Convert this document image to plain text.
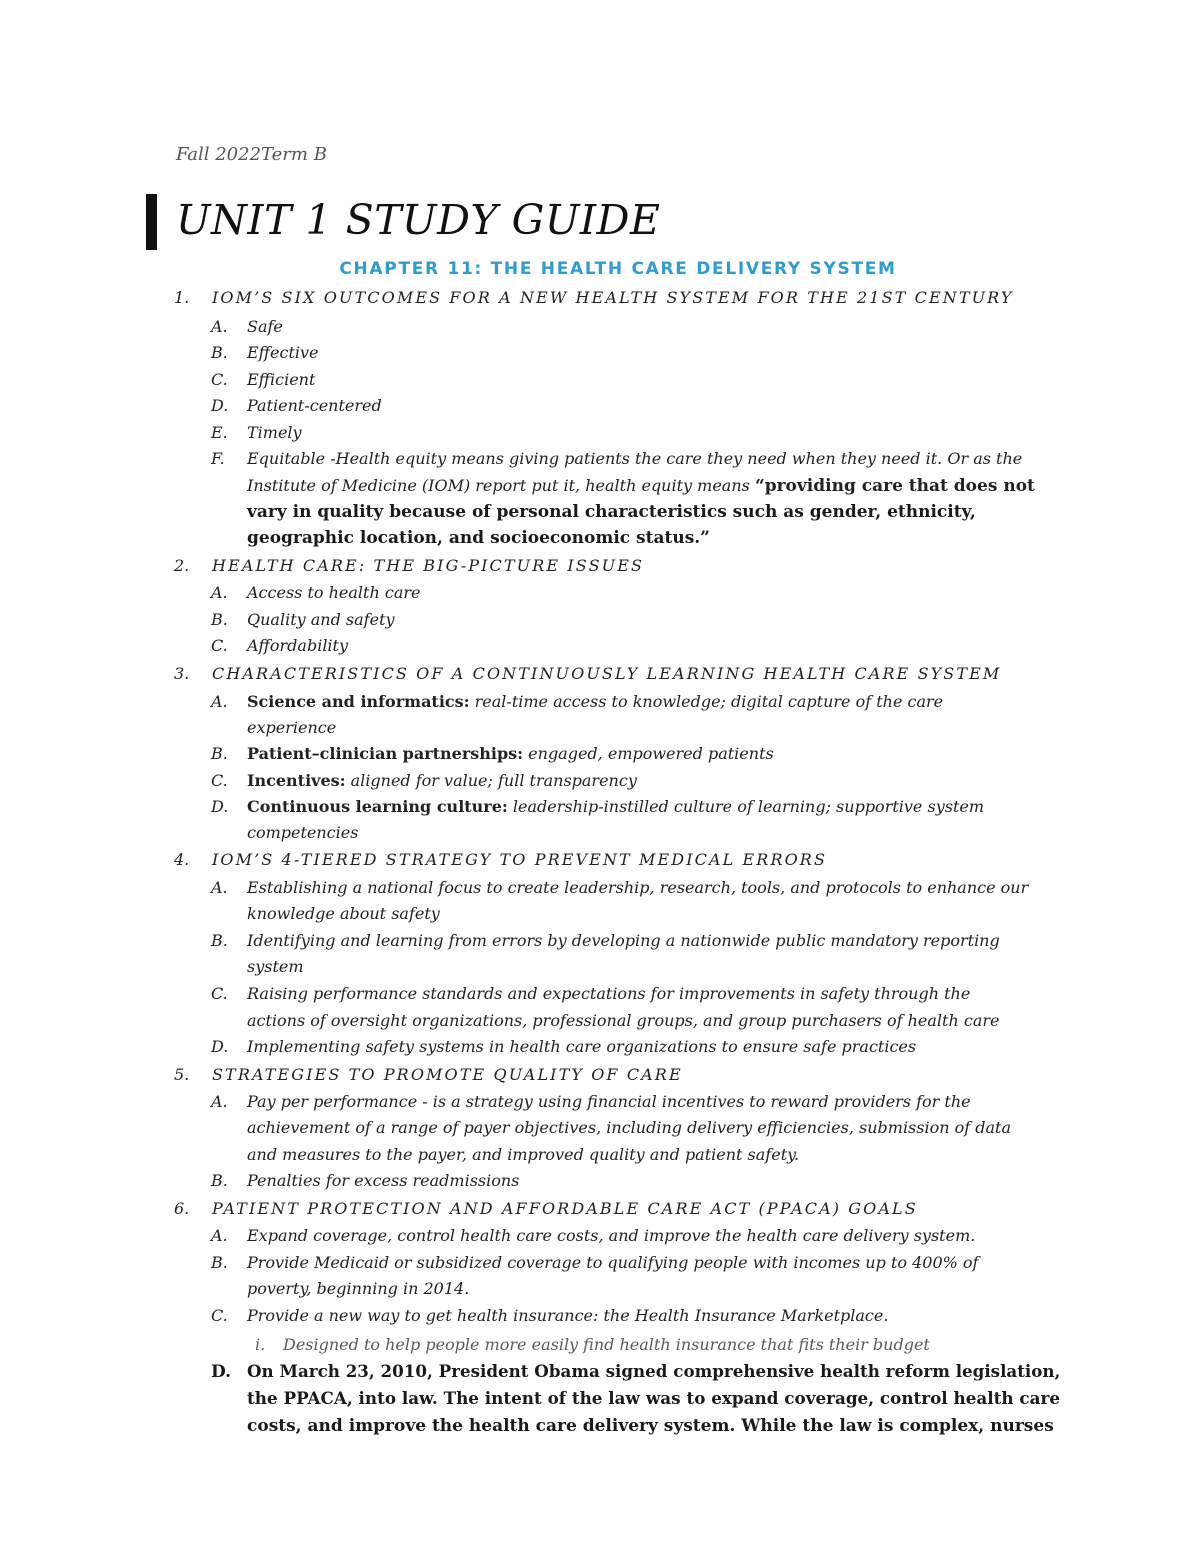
Fall 2022Term B
UNIT 1 STUDY GUIDE
CHAPTER 11: THE HEALTH CARE DELIVERY SYSTEM
1. IOM’S SIX OUTCOMES FOR A NEW HEALTH SYSTEM FOR THE 21ST CENTURY
A. Safe
B. Effective
C. Efficient
D. Patient-centered
E. Timely
F. Equitable -Health equity means giving patients the care they need when they need it. Or as the
Institute of Medicine (IOM) report put it, health equity means “providing care that does not
vary in quality because of personal characteristics such as gender, ethnicity,
geographic location, and socioeconomic status.”
2. HEALTH CARE: THE BIG-PICTURE ISSUES
A. Access to health care
B. Quality and safety
C. Affordability
3. CHARACTERISTICS OF A CONTINUOUSLY LEARNING HEALTH CARE SYSTEM
A. Science and informatics: real-time access to knowledge; digital capture of the care
experience
B. Patient–clinician partnerships: engaged, empowered patients
C. Incentives: aligned for value; full transparency
D. Continuous learning culture: leadership-instilled culture of learning; supportive system
competencies
4. IOM’S 4-TIERED STRATEGY TO PREVENT MEDICAL ERRORS
A. Establishing a national focus to create leadership, research, tools, and protocols to enhance our
knowledge about safety
B. Identifying and learning from errors by developing a nationwide public mandatory reporting
system
C. Raising performance standards and expectations for improvements in safety through the
actions of oversight organizations, professional groups, and group purchasers of health care
D. Implementing safety systems in health care organizations to ensure safe practices
5. STRATEGIES TO PROMOTE QUALITY OF CARE
A. Pay per performance - is a strategy using financial incentives to reward providers for the
achievement of a range of payer objectives, including delivery efficiencies, submission of data
and measures to the payer, and improved quality and patient safety.
B. Penalties for excess readmissions
6. PATIENT PROTECTION AND AFFORDABLE CARE ACT (PPACA) GOALS
A. Expand coverage, control health care costs, and improve the health care delivery system.
B. Provide Medicaid or subsidized coverage to qualifying people with incomes up to 400% of
poverty, beginning in 2014.
C. Provide a new way to get health insurance: the Health Insurance Marketplace.
i. Designed to help people more easily find health insurance that fits their budget
D. On March 23, 2010, President Obama signed comprehensive health reform legislation,
the PPACA, into law. The intent of the law was to expand coverage, control health care
costs, and improve the health care delivery system. While the law is complex, nurses
